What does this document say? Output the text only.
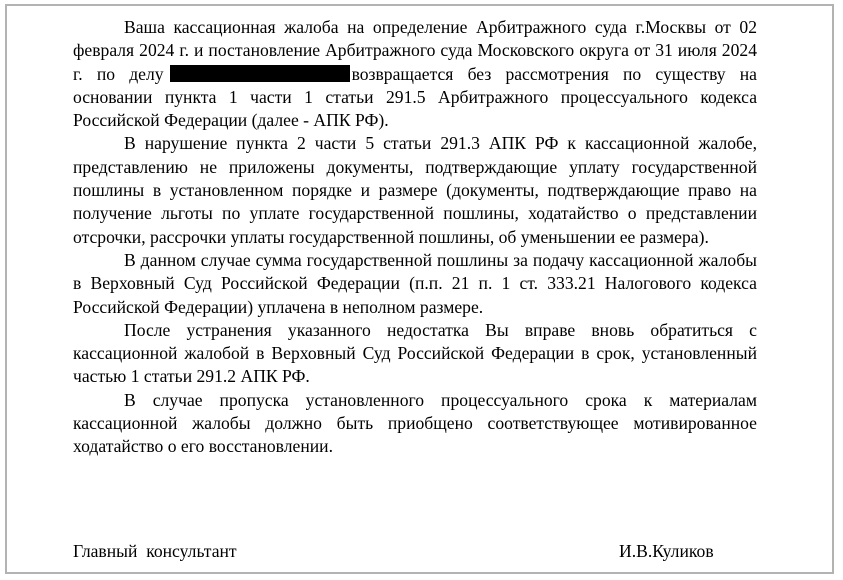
Ваша кассационная жалоба на определение Арбитражного суда г.Москвы от 02 февраля 2024 г. и постановление Арбитражного суда Московского округа от 31 июля 2024 г. по делу	возвращается без рассмотрения по существу на основании пункта 1 части 1 статьи 291.5 Арбитражного процессуального кодекса Российской Федерации (далее - АПК РФ).

В нарушение пункта 2 части 5 статьи 291.3 АПК РФ к кассационной жалобе, представлению не приложены документы, подтверждающие уплату государственной пошлины в установленном порядке и размере (документы, подтверждающие право на получение льготы по уплате государственной пошлины, ходатайство о представлении отсрочки, рассрочки уплаты государственной пошлины, об уменьшении ее размера).

В данном случае сумма государственной пошлины за подачу кассационной жалобы в Верховный Суд Российской Федерации (п.п. 21 п. 1 ст. 333.21 Налогового кодекса Российской Федерации) уплачена в неполном размере.

После устранения указанного недостатка Вы вправе вновь обратиться с кассационной жалобой в Верховный Суд Российской Федерации в срок, установленный частью 1 статьи 291.2 АПК РФ.

В случае пропуска установленного процессуального срока к материалам кассационной жалобы должно быть приобщено соответствующее мотивированное ходатайство о его восстановлении.

Главный  консультант	И.В.Куликов
